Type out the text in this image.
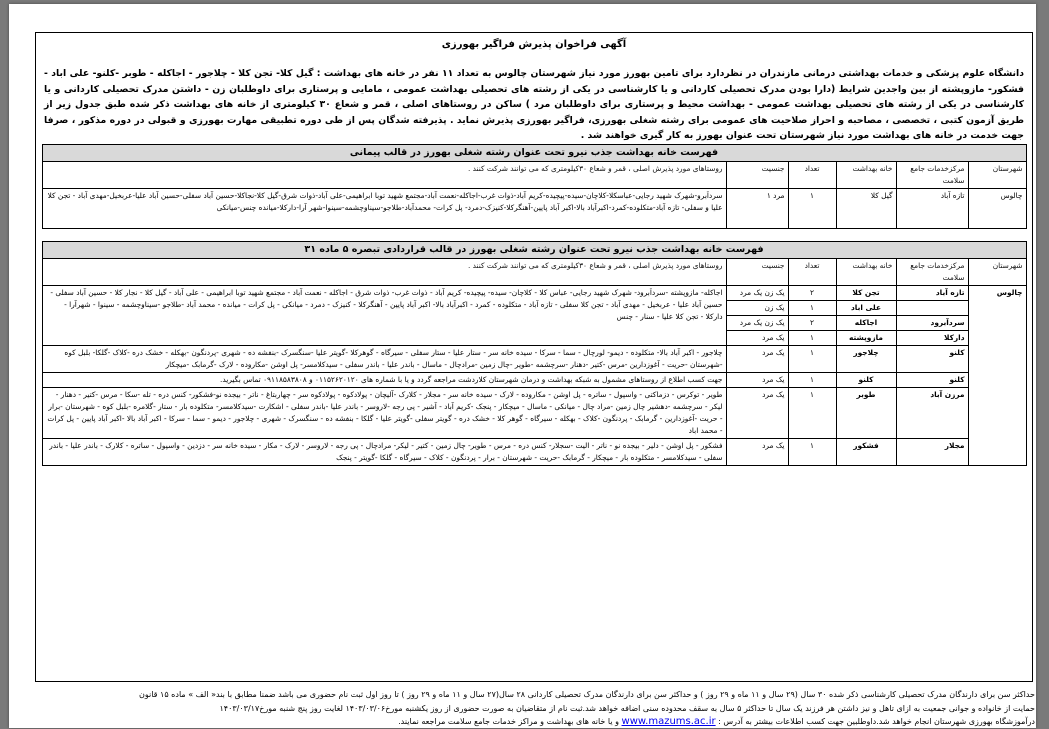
آگهی فراخوان پذیرش فراگیر بهورزی
دانشگاه علوم پزشکی و خدمات بهداشتی درمانی مازندران در نظردارد برای تامین بهورز مورد نیاز شهرستان چالوس به تعداد ۱۱ نفر در خانه های بهداشت : گیل کلا- تجن کلا - چلاجور - اجاکله - طوبر -کلنو- علی اباد - فشکور- مازوپشته از بین واجدین شرایط (دارا بودن مدرک تحصیلی کاردانی و یا کارشناسی در یکی از رشته های تحصیلی بهداشت عمومی ، مامایی و پرستاری برای داوطلبان زن - داشتن مدرک تحصیلی کاردانی و یا کارشناسی در یکی از رشته های تحصیلی بهداشت عمومی - بهداشت محیط و پرستاری برای داوطلبان مرد ) ساکن در روستاهای اصلی ، قمر و شعاع ۳۰ کیلومتری از خانه های بهداشت ذکر شده طبق جدول زیر از طریق آزمون کتبی ، تخصصی ، مصاحبه و احراز صلاحیت های عمومی برای رشته شغلی بهورزی، فراگیر بهورزی پذیرش نماید . پذیرفته شدگان پس از طی دوره تطبیقی مهارت بهورزی و قبولی در دوره مذکور ، صرفا جهت خدمت در خانه های بهداشت مورد نیاز شهرستان تحت عنوان بهورز به کار گیری خواهند شد .
فهرست خانه بهداشت جذب نیرو تحت عنوان رشته شغلی بهورز در قالب پیمانی					
شهرستان	مرکزخدمات جامع سلامت	خانه بهداشت	تعداد	جنسیت	روستاهای مورد پذیرش اصلی ، قمر و شعاع ۳۰کیلومتری که می توانند شرکت کنند .
چالوس	تازه آباد	گیل کلا	۱	مرد ۱	سرداَبرو-شهرک شهید رجایی-عباسکلا-کلاچان-سیده-پیچیده-کریم آباد-ذوات غرب-اجاکله-نعمت آباد-مجتمع شهید توبا ابراهیمی-علی آباد-ذوات شرق-گیل کلا-نجاکلا-حسین آباد سفلی-حسین آباد علیا-عربخیل-مهدی آباد - تجن کلا علیا و سفلی- تازه آباد-متکلوده-کمرد-اکبرآباد بالا-اکبر آباد پایین-آهنگرکلا-کنیزک-دمرد- پل کرات- محمدآباد-طلاجو-سیناوچشمه-سینوا-شهر آرا-دارکلا-میانده چنس-میانکی
فهرست خانه بهداشت جذب نیرو تحت عنوان رشته شغلی بهورز در قالب قراردادی تبصره ۵ ماده ۳۱					
شهرستان	مرکزخدمات جامع سلامت	خانه بهداشت	تعداد	جنسیت	روستاهای مورد پذیرش اصلی ، قمر و شعاع ۳۰کیلومتری که می توانند شرکت کنند .
چالوس	تازه آباد	تجن کلا	۲	یک زن یک مرد	اجاکله- مازوپشته -سرداَبرود- شهرک شهید رجایی- عباس کلا - کلاچان- سیده- پیچیده- کریم آباد - ذوات غرب- ذوات شرق - اجاکله - نعمت آباد - مجتمع شهید توبا ابراهیمی - علی آباد - گیل کلا - نجار کلا - حسین آباد سفلی - حسین آباد علیا - عربخیل - مهدی آباد - تجن کلا سفلی - تازه آباد - متکلوده - کمرد - اکبرآباد بالا- اکبر آباد پایین - آهنگرکلا - کنیزک - دمرد - میانکی - پل کرات - میانده - محمد آباد -طلاجو -سیناوچشمه - سینوا - شهرآرا - دارکلا - تجن کلا علیا - سنار - چنس
		علی اباد	۱	یک زن	
	سردآبرود	اجاکله	۲	یک زن یک مرد	
	دارکلا	مازوپشته	۱	یک مرد	
	کلنو	چلاجور	۱	یک مرد	چلاجور - اکبر آباد بالا- متکلوده - دیمو- لورچال - سما - سرکا - سیده خانه سر - ستار علیا - ستار سفلی - سیرگاه - گوهرکلا -گویتر علیا -سنگسرک -بنفشه ده - شهری -پردنگون -بهکله - خشک دره -کلاک -گلکا- بلبل کوه -شهرستان -حریت - آغوزدارین -مرس -کتیر -دهنار -سرچشمه -طویر -چال زمین -مرادچال - ماسال - باندر علیا - باندر سفلی - سیدکلامسر- پل اوشن -مکاروده - لارک -گرمابک -میچکار
	کلنو	کلنو	۱	یک مرد	جهت کسب اطلاع از روستاهای مشمول به شبکه بهداشت و درمان شهرستان کلاردشت مراجعه گردد و یا با شماره های ۰۱۱۵۲۶۲۰۱۲۰ و ۰۹۱۱۸۵۸۳۸۰۸ تماس بگیرید.
	مرزن آباد	طوبر	۱	یک مرد	طویر - توکرس - دزماکتی - واسپول - ساتره - پل اوشن - مکاروده - لارک - سیده خانه سر - مجلار - کلارک -آلیچان - پولادکوه - پولادکوه سر - چهاربتاغ - ناتر - بیجده نو-فشکور- کنس دره - تله -سکا - مرس -کتیر - دهنار - لیکر - سرچشمه -دهشیر چال زمین -مراد چال - میانکی - ماسال - میچکار - پنجک -کریم آباد - آشیر - پی رجه -لاروسر - باندر علیا -باندر سفلی - اشکارت -سیدکلامسر- متکلوده بار - ستار -گلامره -بلبل کوه - شهرستان -برار - حریت -آغوزدارین - گرمابک - پردنگون -کلاک - بهکله - سیرگاه - گوهر کلا - خشک دره - گویتر سفلی -گویتر علیا - گلکا - بنفشه ده - سنگسرک - شهری - چلاجور - دیمو - سما - سرکا - اکبر آباد بالا -اکبر آباد پایین - پل کرات - محمد اباد
	مجلار	فشکور	۱	یک مرد	فشکور - پل اوشن - دلیر - بیجده نو - ناتر - الیت -سجلار- کنس دره - مرس - طویر- چال زمین - کتیر - لیکر- مرادچال - پی رجه - لاروسر - لارک - مکار - سیده خانه سر - دزدین - واسپول - ساتره - کلارک - باندر علیا - باندر سفلی - سیدکلامسر - متکلوده بار - میچکار - گرمابک -حریت - شهرستان - برار - پردنگون - کلاک - سیرگاه - گلکا -گویتر - پنجک
حداکثر سن برای دارندگان مدرک تحصیلی کارشناسی ذکر شده ۳۰ سال (۲۹ سال و ۱۱ ماه و ۲۹ روز ) و حداکثر سن برای دارندگان مدرک تحصیلی کاردانی ۲۸ سال(۲۷ سال و ۱۱ ماه و ۲۹ روز ) تا روز اول ثبت نام حضوری می باشد ضمنا مطابق با بند« الف » ماده ۱۵ قانون
حمایت از خانواده و جوانی جمعیت به ازای تاهل و نیز داشتن هر فرزند یک سال تا حداکثر ۵ سال به سقف محدوده سنی اضافه خواهد شد.ثبت نام از متقاضیان به صورت حضوری از روز یکشنبه مورخ۱۴۰۳/۰۳/۰۶ لغایت روز پنج شنبه مورخ۱۴۰۳/۰۳/۱۷
درآموزشگاه بهورزی شهرستان انجام خواهد شد.داوطلبین جهت کسب اطلاعات بیشتر به آدرس : www.mazums.ac.ir و یا خانه های بهداشت و مراکز خدمات جامع سلامت مراجعه نمایند.
